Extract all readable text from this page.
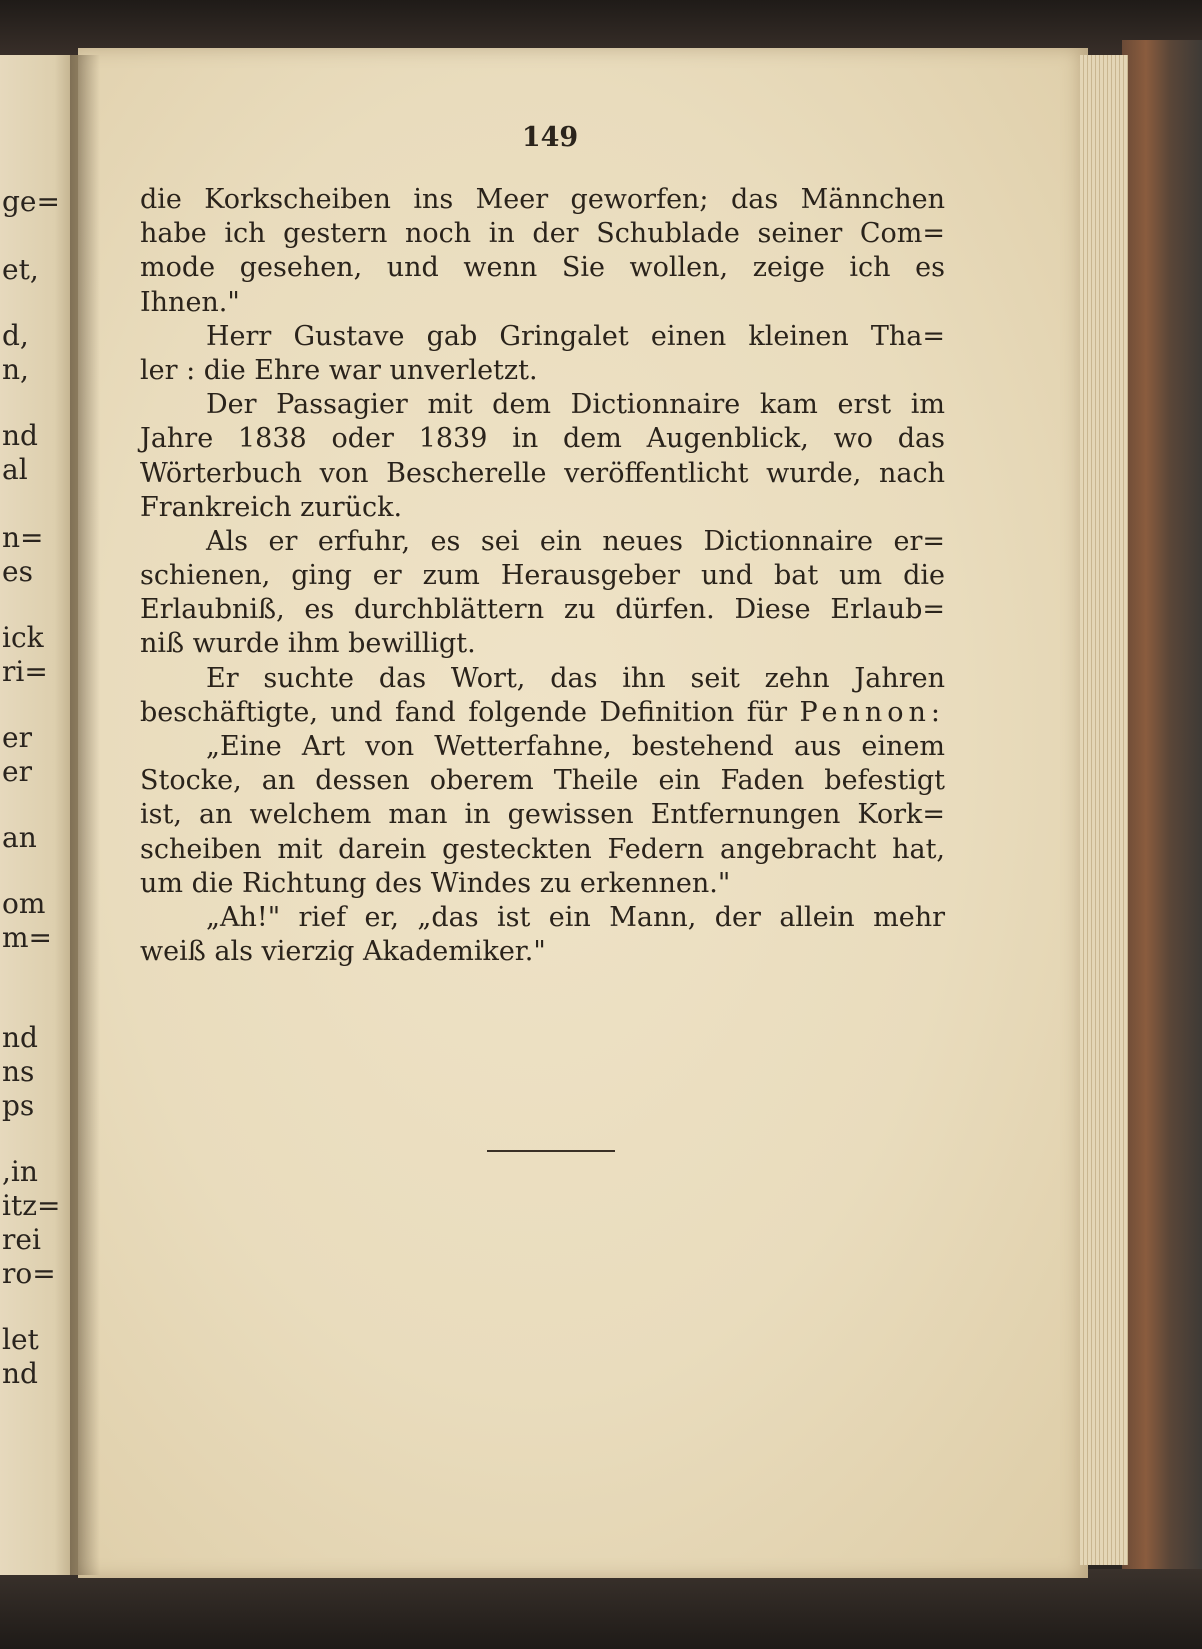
ge=
et,
d,
n,
nd
al
n=
es
ick
ri=
er
er
an
om
m=
nd
ns
ps
,in
itz=
rei
ro=
let
nd
149
die Korkscheiben ins Meer geworfen; das Männchen
habe ich gestern noch in der Schublade seiner Com=
mode gesehen, und wenn Sie wollen, zeige ich es
Ihnen."
Herr Gustave gab Gringalet einen kleinen Tha=
ler : die Ehre war unverletzt.
Der Passagier mit dem Dictionnaire kam erst im
Jahre 1838 oder 1839 in dem Augenblick, wo das
Wörterbuch von Bescherelle veröffentlicht wurde, nach
Frankreich zurück.
Als er erfuhr, es sei ein neues Dictionnaire er=
schienen, ging er zum Herausgeber und bat um die
Erlaubniß, es durchblättern zu dürfen. Diese Erlaub=
niß wurde ihm bewilligt.
Er suchte das Wort, das ihn seit zehn Jahren
beschäftigte, und fand folgende Definition für Pennon:
„Eine Art von Wetterfahne, bestehend aus einem
Stocke, an dessen oberem Theile ein Faden befestigt
ist, an welchem man in gewissen Entfernungen Kork=
scheiben mit darein gesteckten Federn angebracht hat,
um die Richtung des Windes zu erkennen."
„Ah!" rief er, „das ist ein Mann, der allein mehr
weiß als vierzig Akademiker."
